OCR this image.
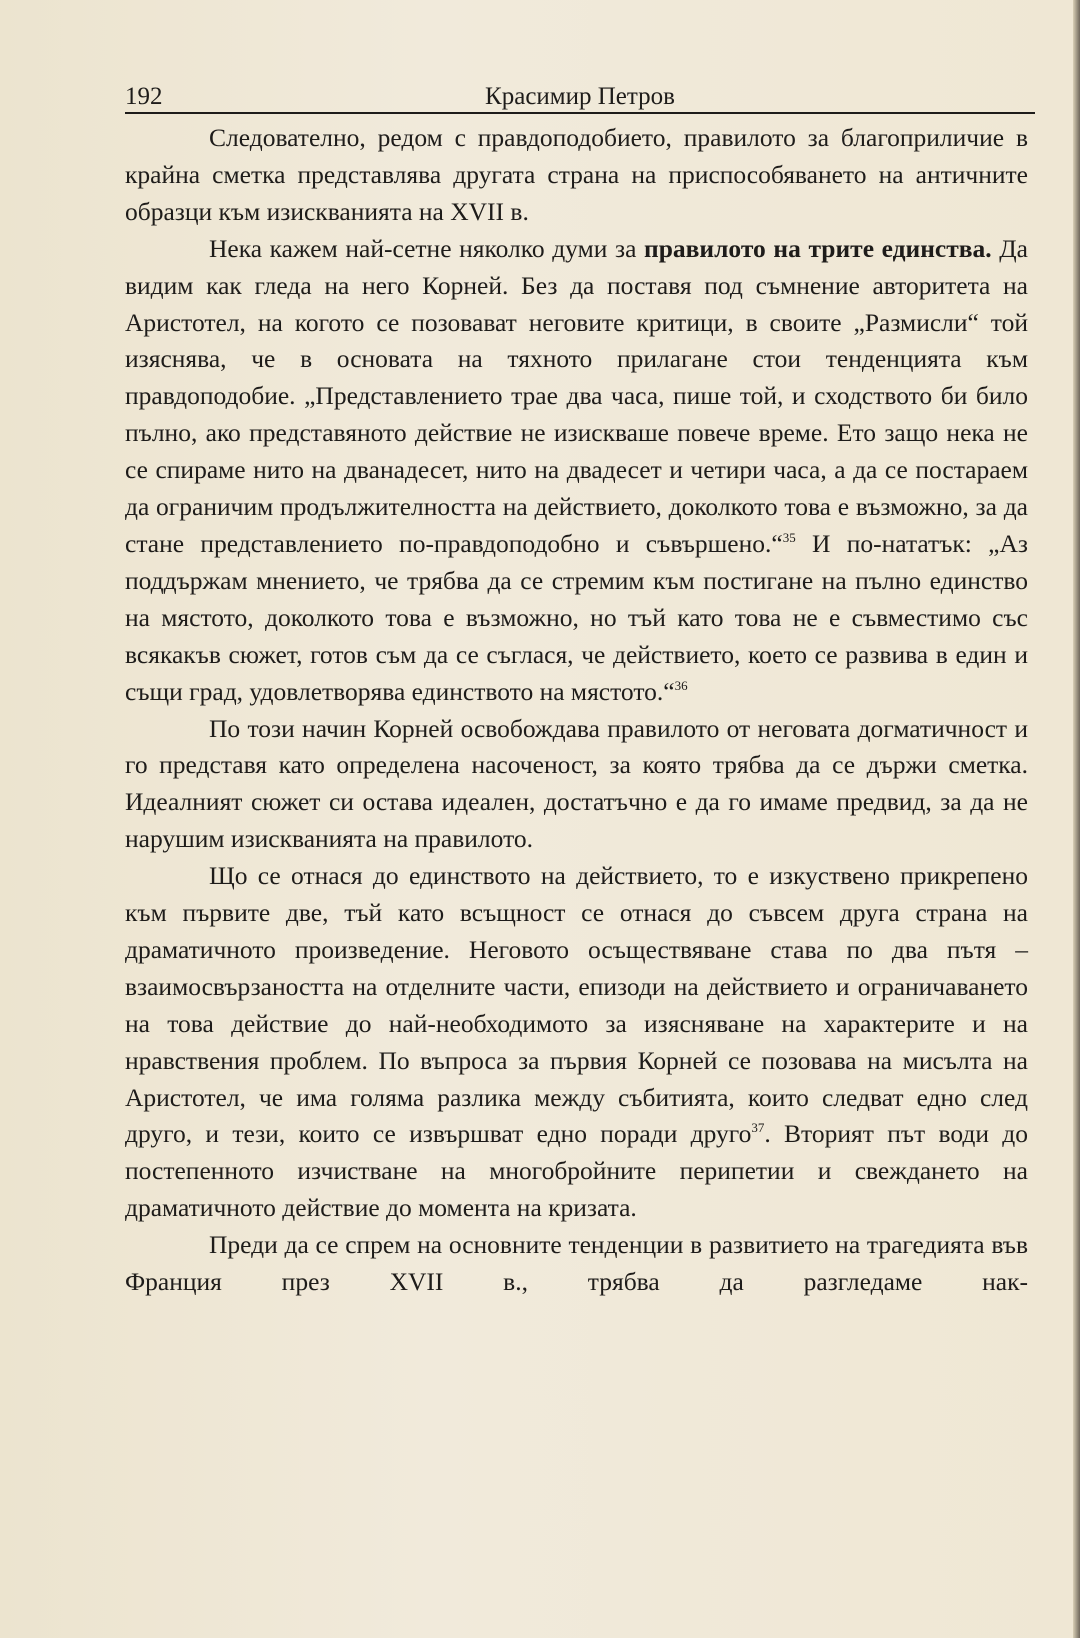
192	Красимир Петров

Следователно, редом с правдоподобието, правилото за благоприличие в крайна сметка представлява другата страна на приспособяването на античните образци към изискванията на XVII в.

Нека кажем най-сетне няколко думи за правилото на трите единства. Да видим как гледа на него Корней. Без да поставя под съмнение авторитета на Аристотел, на когото се позовават неговите критици, в своите „Размисли“ той изяснява, че в основата на тяхното прилагане стои тенденцията към правдоподобие. „Представлението трае два часа, пише той, и сходството би било пълно, ако представяното действие не изискваше повече време. Ето защо нека не се спираме нито на дванадесет, нито на двадесет и четири часа, а да се постараем да ограничим продължителността на действието, доколкото това е възможно, за да стане представлението по-правдоподобно и съвършено.“$^{35}$ И по-нататък: „Аз поддържам мнението, че трябва да се стремим към постигане на пълно единство на мястото, доколкото това е възможно, но тъй като това не е съвместимо със всякакъв сюжет, готов съм да се съглася, че действието, което се развива в един и същи град, удовлетворява единството на мястото.“$^{36}$

По този начин Корней освобождава правилото от неговата догматичност и го представя като определена насоченост, за която трябва да се държи сметка. Идеалният сюжет си остава идеален, достатъчно е да го имаме предвид, за да не нарушим изискванията на правилото.

Що се отнася до единството на действието, то е изкуствено прикрепено към първите две, тъй като всъщност се отнася до съвсем друга страна на драматичното произведение. Неговото осъществяване става по два пътя – взаимосвързаността на отделните части, епизоди на действието и ограничаването на това действие до най-необходимото за изясняване на характерите и на нравствения проблем. По въпроса за първия Корней се позовава на мисълта на Аристотел, че има голяма разлика между събитията, които следват едно след друго, и тези, които се извършват едно поради друго$^{37}$. Вторият път води до постепенното изчистване на многобройните перипетии и свеждането на драматичното действие до момента на кризата.

Преди да се спрем на основните тенденции в развитието на трагедията във Франция през XVII в., трябва да разгледаме нак-
